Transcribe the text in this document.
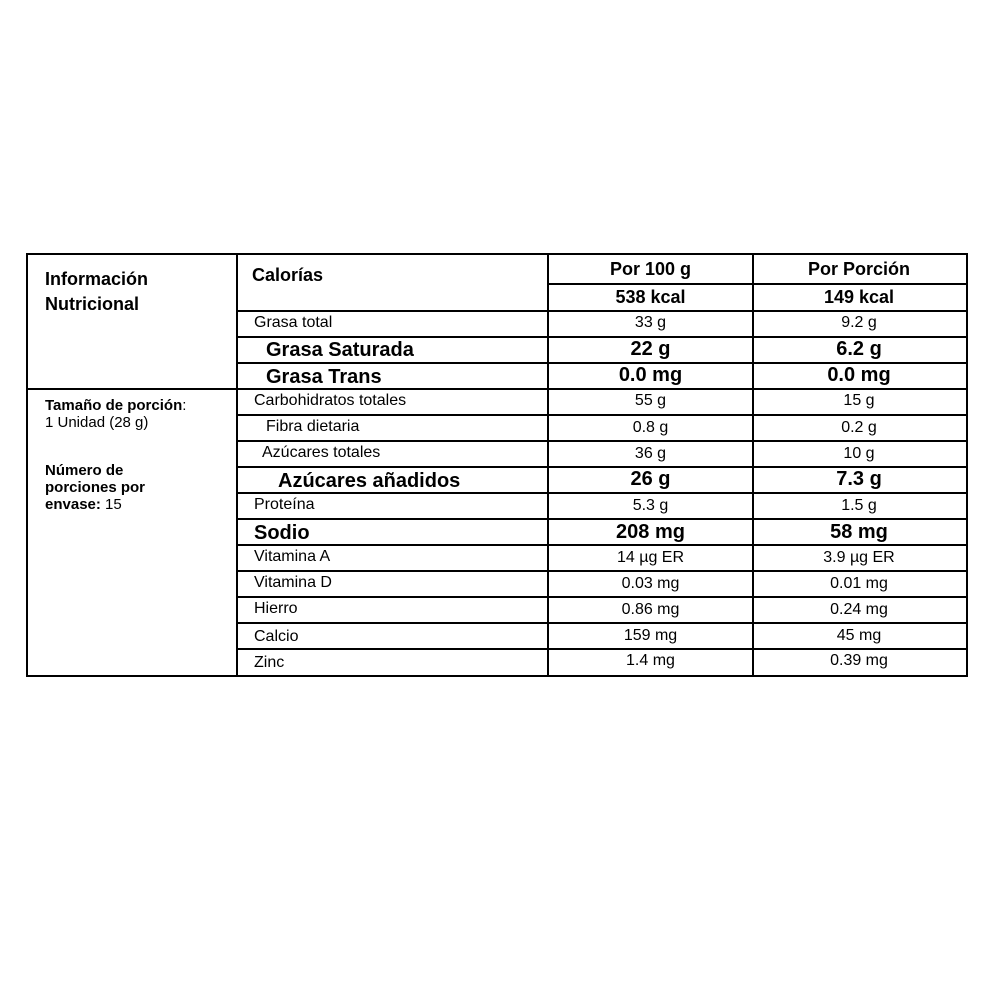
Información
Nutricional
Tamaño de porción:
1 Unidad (28 g)
Número de
porciones por
envase: 15
Calorías	Por 100 g	Por Porción
538 kcal	149 kcal
Grasa total	33 g	9.2 g
Grasa Saturada	22 g	6.2 g
Grasa Trans	0.0 mg	0.0 mg
Carbohidratos totales	55 g	15 g
Fibra dietaria	0.8 g	0.2 g
Azúcares totales	36 g	10 g
Azúcares añadidos	26 g	7.3 g
Proteína	5.3 g	1.5 g
Sodio	208 mg	58 mg
Vitamina A	14 µg ER	3.9 µg ER
Vitamina D	0.03 mg	0.01 mg
Hierro	0.86 mg	0.24 mg
Calcio	159 mg	45 mg
Zinc	1.4 mg	0.39 mg
